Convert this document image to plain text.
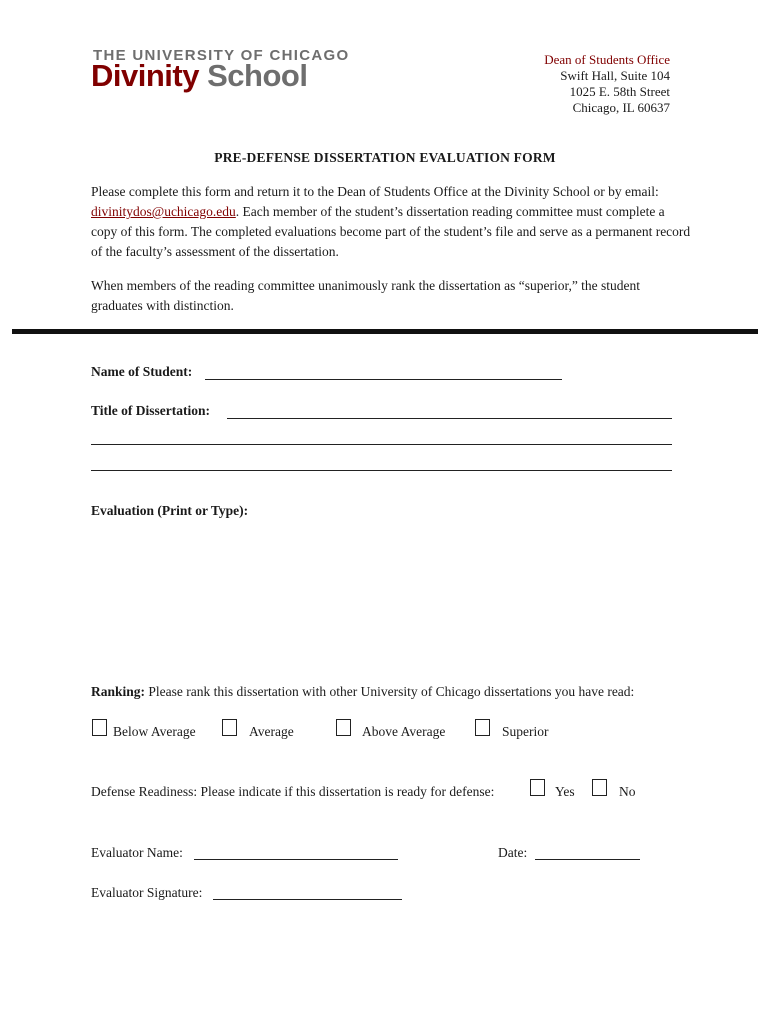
THE UNIVERSITY OF CHICAGO
Divinity School	Dean of Students Office
Swift Hall, Suite 104
1025 E. 58th Street
Chicago, IL 60637
PRE-DEFENSE DISSERTATION EVALUATION FORM

Please complete this form and return it to the Dean of Students Office at the Divinity School or by email: divinitydos@uchicago.edu. Each member of the student’s dissertation reading committee must complete a copy of this form. The completed evaluations become part of the student’s file and serve as a permanent record of the faculty’s assessment of the dissertation.

When members of the reading committee unanimously rank the dissertation as “superior,” the student graduates with distinction.

Name of Student:
Title of Dissertation:
Evaluation (Print or Type):
Ranking: Please rank this dissertation with other University of Chicago dissertations you have read:
Below Average	Average	Above Average	Superior
Defense Readiness: Please indicate if this dissertation is ready for defense:	Yes	No
Evaluator Name:	Date:
Evaluator Signature:
